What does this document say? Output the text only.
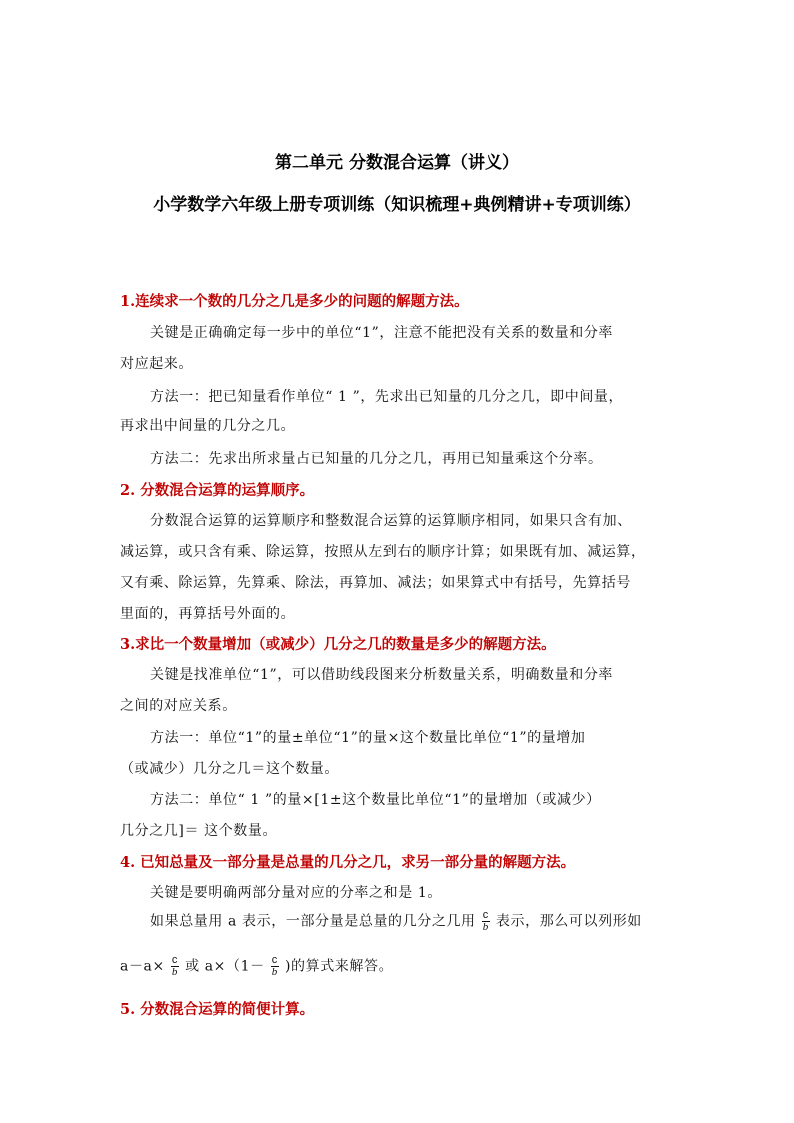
第二单元 分数混合运算（讲义）
小学数学六年级上册专项训练（知识梳理+典例精讲+专项训练）
1.连续求一个数的几分之几是多少的问题的解题方法。
关键是正确确定每一步中的单位“1”，注意不能把没有关系的数量和分率
对应起来。
方法一：把已知量看作单位“ 1 ”，先求出已知量的几分之几，即中间量，
再求出中间量的几分之几。
方法二：先求出所求量占已知量的几分之几，再用已知量乘这个分率。
2. 分数混合运算的运算顺序。
分数混合运算的运算顺序和整数混合运算的运算顺序相同，如果只含有加、
减运算，或只含有乘、除运算，按照从左到右的顺序计算；如果既有加、减运算，
又有乘、除运算，先算乘、除法，再算加、减法；如果算式中有括号，先算括号
里面的，再算括号外面的。
3.求比一个数量增加（或减少）几分之几的数量是多少的解题方法。
关键是找准单位“1”，可以借助线段图来分析数量关系，明确数量和分率
之间的对应关系。
方法一：单位“1”的量±单位“1”的量×这个数量比单位“1”的量增加
（或减少）几分之几＝这个数量。
方法二：单位“ 1 ”的量×[1±这个数量比单位“1”的量增加（或减少）
几分之几]＝ 这个数量。
4. 已知总量及一部分量是总量的几分之几，求另一部分量的解题方法。
关键是要明确两部分量对应的分率之和是 1。
如果总量用 a 表示，一部分量是总量的几分之几用 $\frac{c}{b}$ 表示，那么可以列形如
$a-a\times \frac{c}{b}$ 或 $a\times(1- \frac{c}{b}$ )的算式来解答。
5. 分数混合运算的简便计算。
